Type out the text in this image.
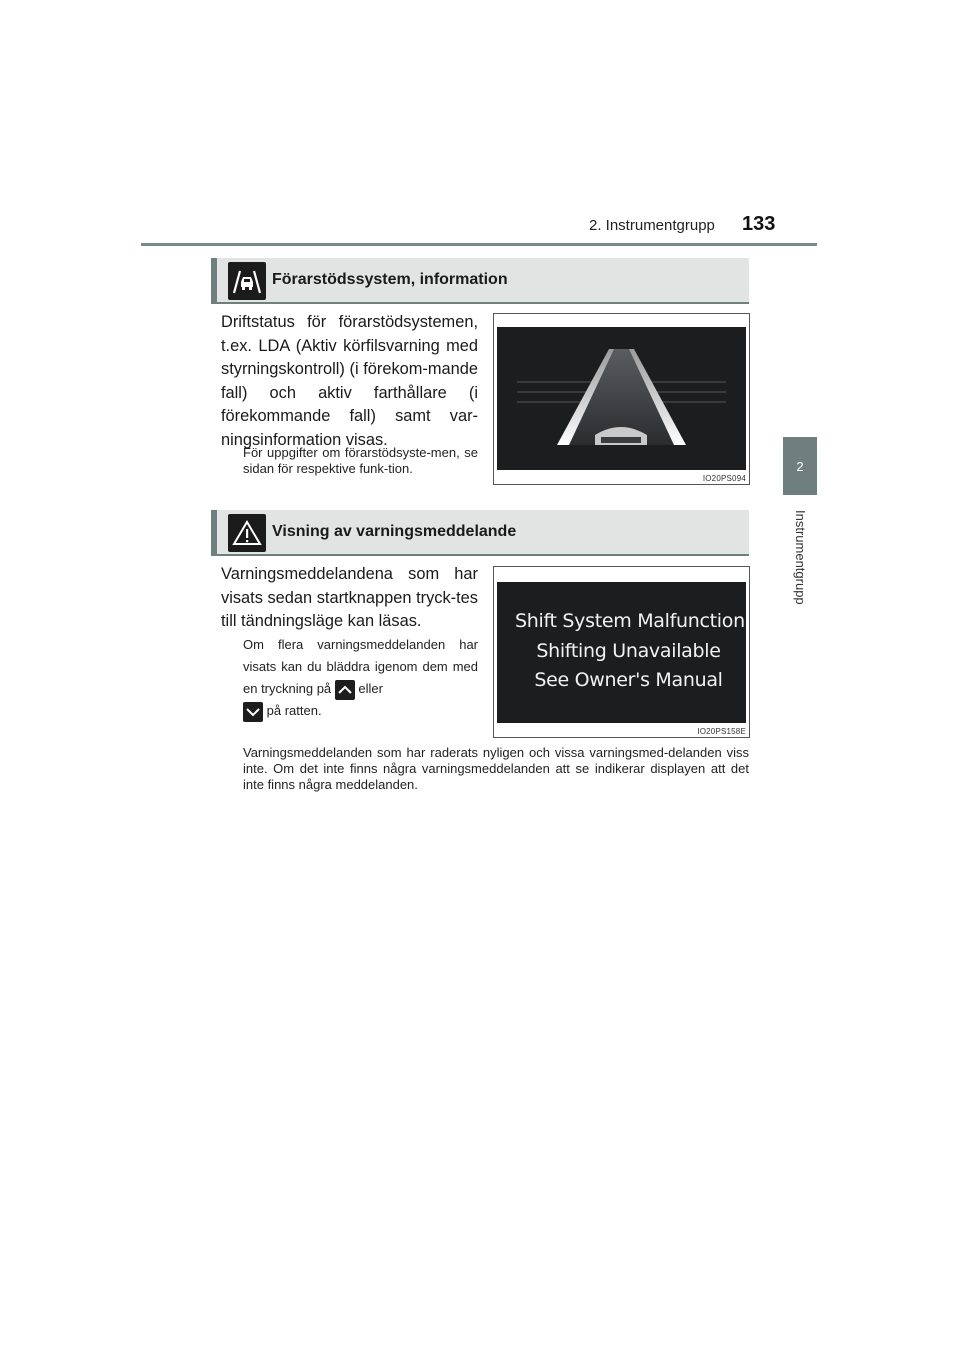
2. Instrumentgrupp 133
2
Instrumentgrupp
Förarstödssystem, information
Driftstatus för förarstödsystemen, t.ex. LDA (Aktiv körfilsvarning med styrningskontroll) (i förekom-mande fall) och aktiv farthållare (i förekommande fall) samt var-ningsinformation visas.
För uppgifter om förarstödsyste-men, se sidan för respektive funk-tion.
IO20PS094
Visning av varningsmeddelande
Varningsmeddelandena som har visats sedan startknappen tryck-tes till tändningsläge kan läsas.
Om flera varningsmeddelanden har visats kan du bläddra igenom dem med en tryckning på eller

på ratten.
Shift System Malfunction
Shifting Unavailable
See Owner's Manual
IO20PS158E
Varningsmeddelanden som har raderats nyligen och vissa varningsmed-delanden viss inte. Om det inte finns några varningsmeddelanden att se indikerar displayen att det inte finns några meddelanden.
